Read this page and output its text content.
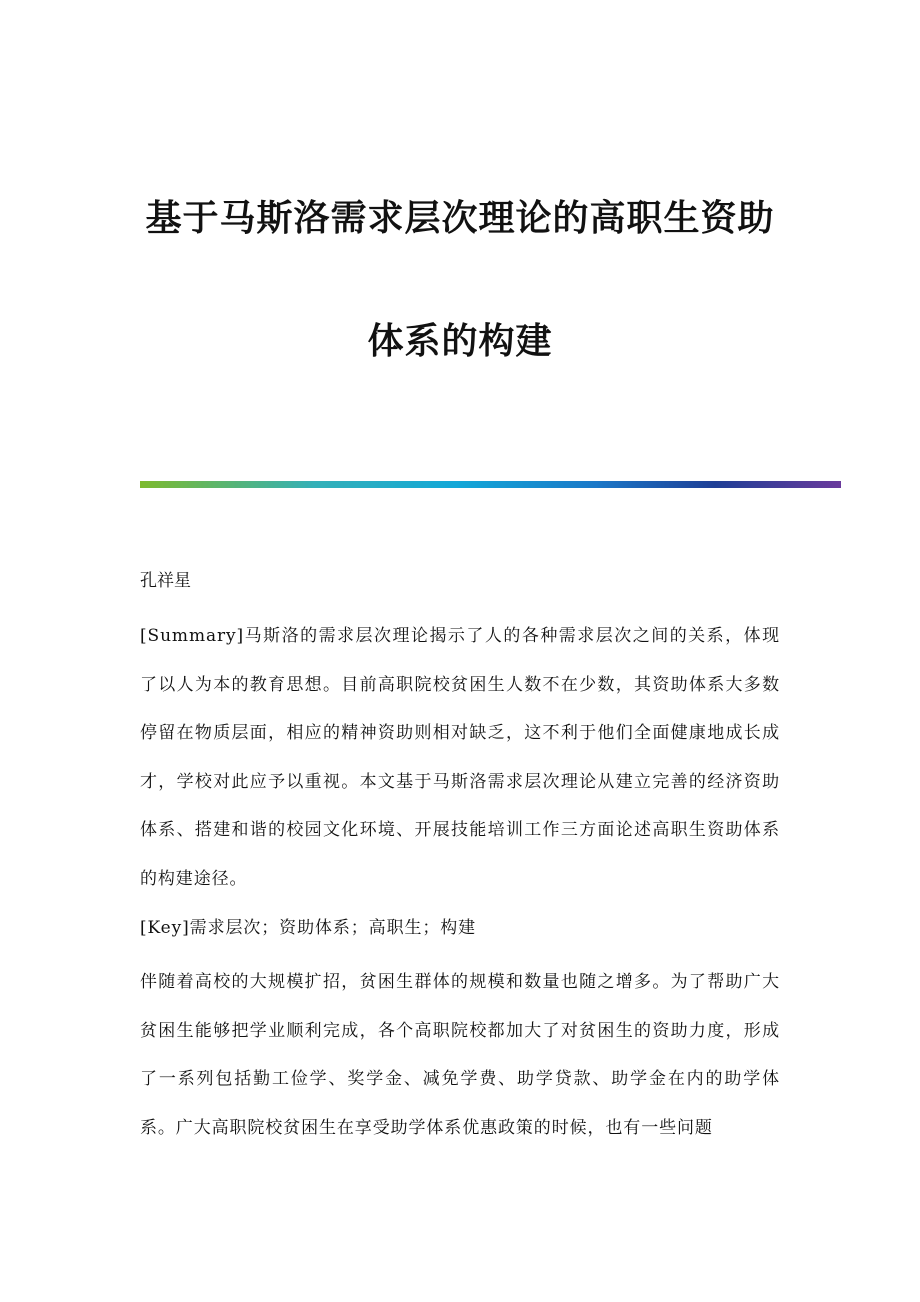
基于马斯洛需求层次理论的高职生资助
体系的构建

孔祥星

[Summary]马斯洛的需求层次理论揭示了人的各种需求层次之间的关系，体现了以人为本的教育思想。目前高职院校贫困生人数不在少数，其资助体系大多数停留在物质层面，相应的精神资助则相对缺乏，这不利于他们全面健康地成长成才，学校对此应予以重视。本文基于马斯洛需求层次理论从建立完善的经济资助体系、搭建和谐的校园文化环境、开展技能培训工作三方面论述高职生资助体系的构建途径。

[Key]需求层次；资助体系；高职生；构建

伴随着高校的大规模扩招，贫困生群体的规模和数量也随之增多。为了帮助广大贫困生能够把学业顺利完成，各个高职院校都加大了对贫困生的资助力度，形成了一系列包括勤工俭学、奖学金、减免学费、助学贷款、助学金在内的助学体系。广大高职院校贫困生在享受助学体系优惠政策的时候，也有一些问题
